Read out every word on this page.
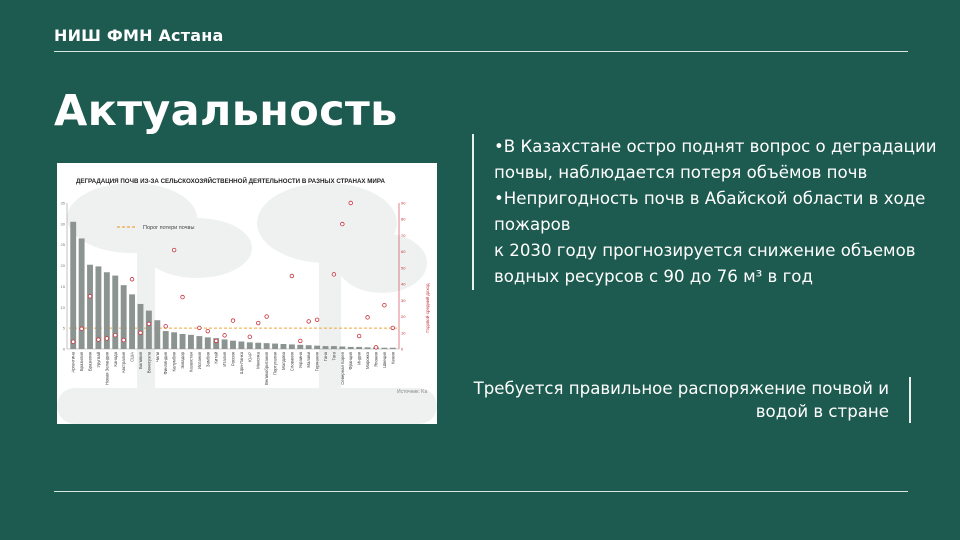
НИШ ФМН Астана
Актуальность
ДЕГРАДАЦИЯ ПОЧВ ИЗ-ЗА СЕЛЬСКОХОЗЯЙСТВЕННОЙ ДЕЯТЕЛЬНОСТИ В РАЗНЫХ СТРАНАХ МИРА
Порог потери почвы
Годовой средний доход
Источник: Ka
0
5
10
15
20
25
30
35
0
10
20
30
40
50
60
70
80
90
Аргентина Бразилия Бразилия Уругвай Новая Зеландия Канада Австралия США Боливия Венесуэла Чили Финляндия Колумбия Эквадор Казахстан Испания Замбия Китай Италия Россия Шри-Ланка ЮАР Мексика Великобритания Португалия Молдова Словакия Украина Малави Германия Гана Того Северная Корея Франция Индия Марокко Япония Швеция Кения
•В Казахстане остро поднят вопрос о деградации почвы, наблюдается потеря объёмов почв
•Непригодность почв в Абайской области в ходе пожаров
к 2030 году прогнозируется снижение объемов водных ресурсов с 90 до 76 м³ в год
Требуется правильное распоряжение почвой и водой в стране
